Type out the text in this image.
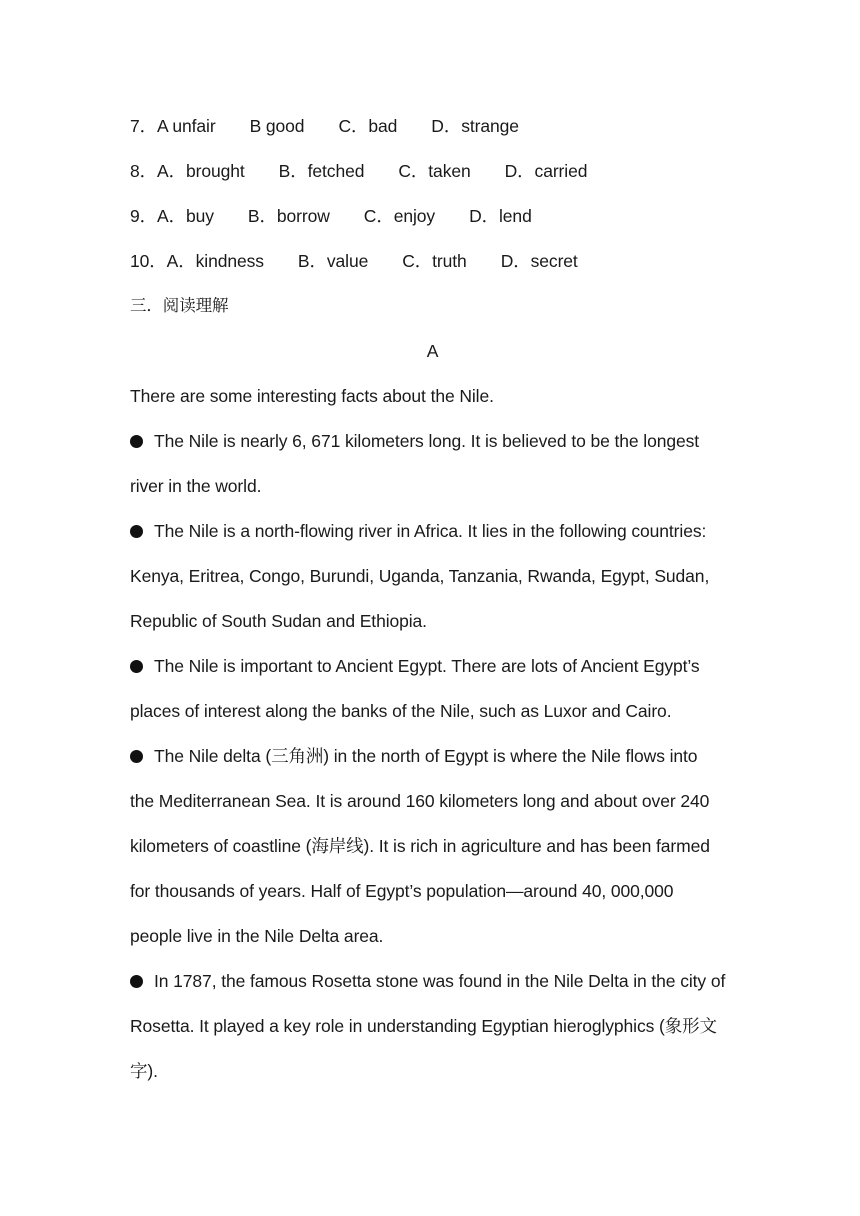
7．A unfair B good C．bad D．strange
8．A．brought B．fetched C．taken D．carried
9．A．buy B．borrow C．enjoy D．lend
10．A．kindness B．value C．truth D．secret
三．阅读理解
A
There are some interesting facts about the Nile.
The Nile is nearly 6, 671 kilometers long. It is believed to be the longest
river in the world.
The Nile is a north-flowing river in Africa. It lies in the following countries:
Kenya, Eritrea, Congo, Burundi, Uganda, Tanzania, Rwanda, Egypt, Sudan,
Republic of South Sudan and Ethiopia.
The Nile is important to Ancient Egypt. There are lots of Ancient Egypt’s
places of interest along the banks of the Nile, such as Luxor and Cairo.
The Nile delta (三角洲) in the north of Egypt is where the Nile flows into
the Mediterranean Sea. It is around 160 kilometers long and about over 240
kilometers of coastline (海岸线). It is rich in agriculture and has been farmed
for thousands of years. Half of Egypt’s population—around 40, 000,000
people live in the Nile Delta area.
In 1787, the famous Rosetta stone was found in the Nile Delta in the city of
Rosetta. It played a key role in understanding Egyptian hieroglyphics (象形文
字).
